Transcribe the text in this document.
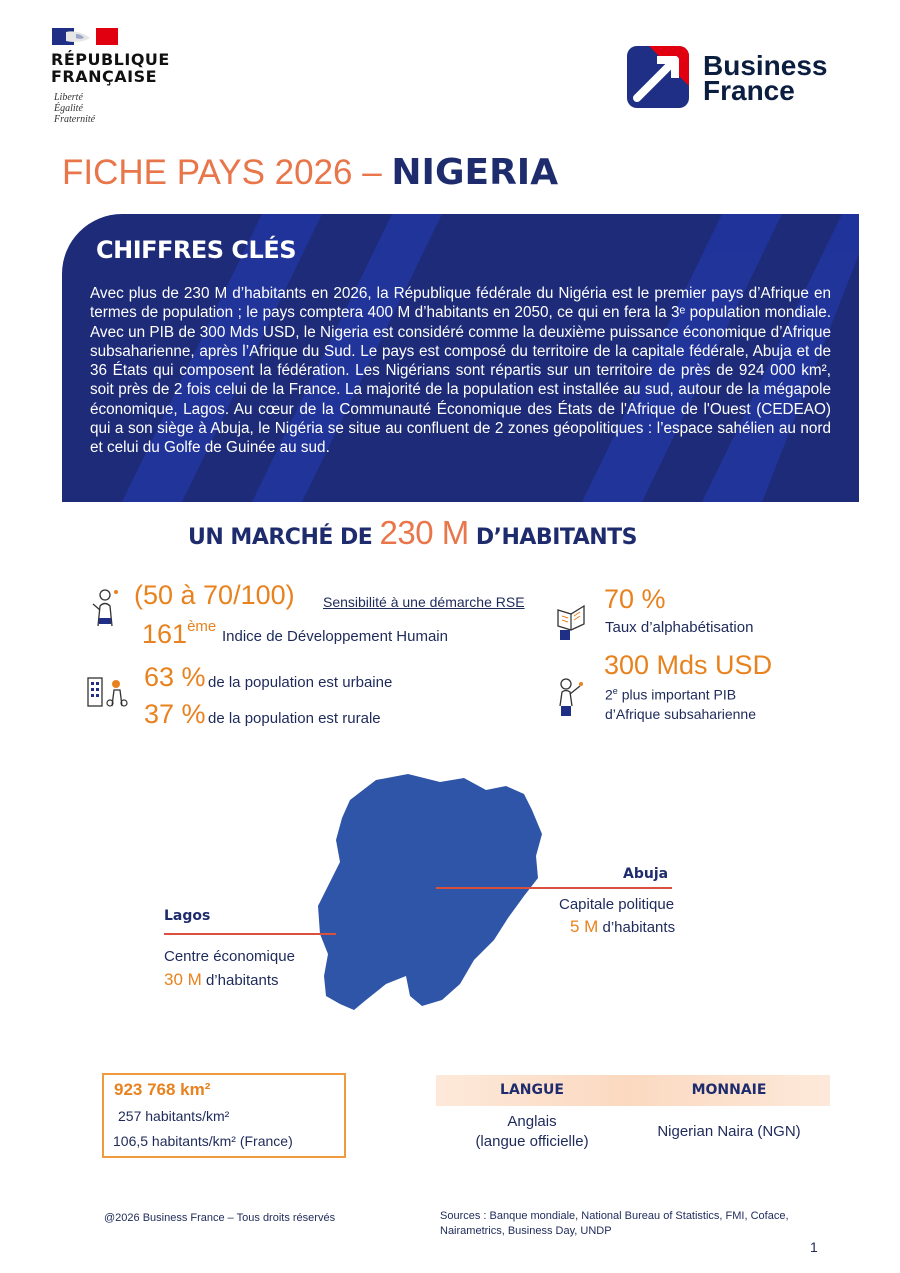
RÉPUBLIQUE
FRANÇAISE
Liberté
Égalité
Fraternité
Business
France
FICHE PAYS 2026 – NIGERIA
CHIFFRES CLÉS
Avec plus de 230 M d’habitants en 2026, la République fédérale du Nigéria est le premier pays d’Afrique en termes de population ; le pays comptera 400 M d’habitants en 2050, ce qui en fera la 3ᵉ population mondiale. Avec un PIB de 300 Mds USD, le Nigeria est considéré comme la deuxième puissance économique d’Afrique subsaharienne, après l’Afrique du Sud. Le pays est composé du territoire de la capitale fédérale, Abuja et de 36 États qui composent la fédération. Les Nigérians sont répartis sur un territoire de près de 924 000 km², soit près de 2 fois celui de la France. La majorité de la population est installée au sud, autour de la mégapole économique, Lagos. Au cœur de la Communauté Économique des États de l'Afrique de l'Ouest (CEDEAO) qui a son siège à Abuja, le Nigéria se situe au confluent de 2 zones géopolitiques : l’espace sahélien au nord et celui du Golfe de Guinée au sud.
UN MARCHÉ DE 230 M D’HABITANTS
(50 à 70/100) Sensibilité à une démarche RSE
161ème
Indice de Développement Humain
63 % de la population est urbaine
37 % de la population est rurale
70 %
Taux d’alphabétisation
300 Mds USD
2e plus important PIB
d’Afrique subsaharienne
Abuja
Capitale politique
5 M d’habitants
Lagos
Centre économique
30 M d’habitants
923 768 km²
257 habitants/km²
106,5 habitants/km² (France)
LANGUE	MONNAIE
Anglais
(langue officielle)
Nigerian Naira (NGN)
@2026 Business France – Tous droits réservés	Sources : Banque mondiale, National Bureau of Statistics, FMI, Coface,
Nairametrics, Business Day, UNDP
1
